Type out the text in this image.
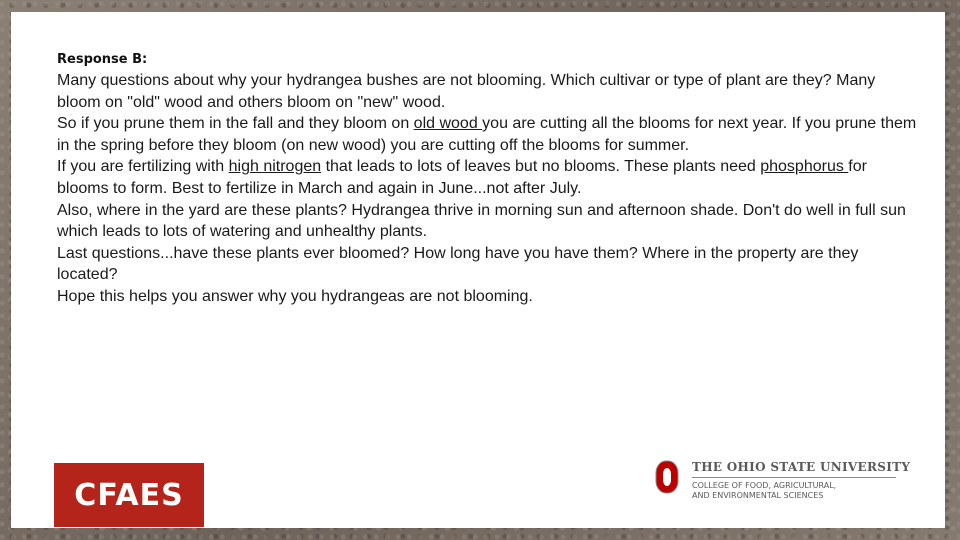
Response B:

Many questions about why your hydrangea bushes are not blooming. Which cultivar or type of plant are they? Many bloom on "old" wood and others bloom on "new" wood.

So if you prune them in the fall and they bloom on old wood you are cutting all the blooms for next year. If you prune them in the spring before they bloom (on new wood) you are cutting off the blooms for summer.

If you are fertilizing with high nitrogen that leads to lots of leaves but no blooms. These plants need phosphorus for blooms to form. Best to fertilize in March and again in June...not after July.

Also, where in the yard are these plants? Hydrangea thrive in morning sun and afternoon shade. Don't do well in full sun which leads to lots of watering and unhealthy plants.

Last questions...have these plants ever bloomed? How long have you have them? Where in the property are they located?

Hope this helps you answer why you hydrangeas are not blooming.

CFAES
THE OHIO STATE UNIVERSITY
COLLEGE OF FOOD, AGRICULTURAL,
AND ENVIRONMENTAL SCIENCES
